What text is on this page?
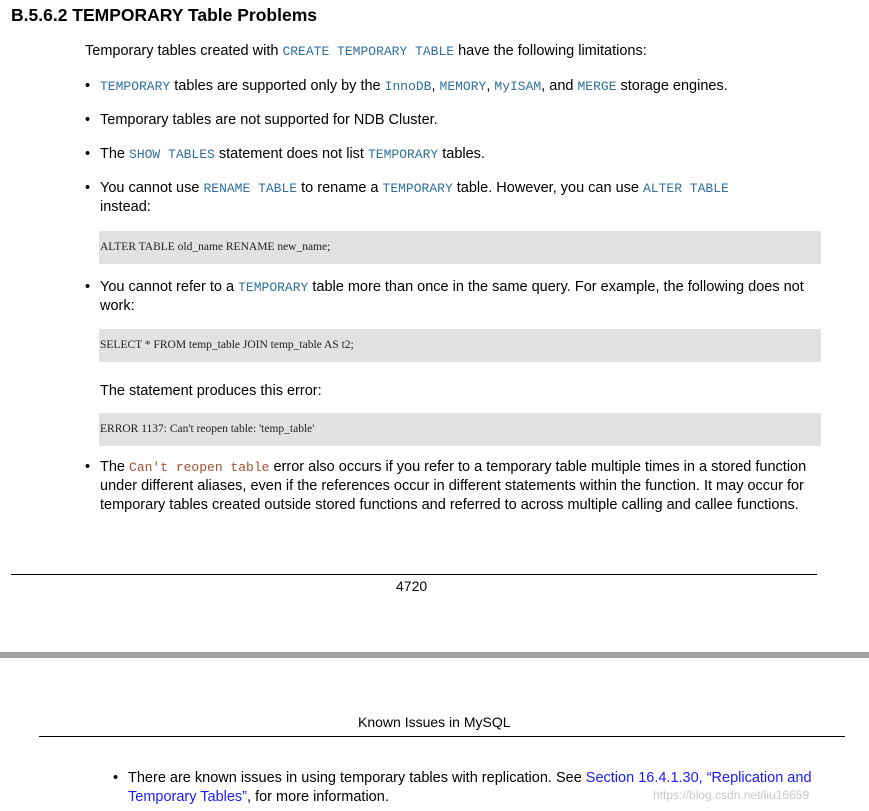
B.5.6.2 TEMPORARY Table Problems
Temporary tables created with CREATE TEMPORARY TABLE have the following limitations:
• TEMPORARY tables are supported only by the InnoDB, MEMORY, MyISAM, and MERGE storage engines.
• Temporary tables are not supported for NDB Cluster.
• The SHOW TABLES statement does not list TEMPORARY tables.
• You cannot use RENAME TABLE to rename a TEMPORARY table. However, you can use ALTER TABLE
instead:
ALTER TABLE old_name RENAME new_name;
• You cannot refer to a TEMPORARY table more than once in the same query. For example, the following does not work:
SELECT * FROM temp_table JOIN temp_table AS t2;
The statement produces this error:
ERROR 1137: Can't reopen table: 'temp_table'
• The Can't reopen table error also occurs if you refer to a temporary table multiple times in a stored function under different aliases, even if the references occur in different statements within the function. It may occur for temporary tables created outside stored functions and referred to across multiple calling and callee functions.
4720
Known Issues in MySQL
• There are known issues in using temporary tables with replication. See Section 16.4.1.30, “Replication and Temporary Tables”, for more information.	https://blog.csdn.net/liu16659
